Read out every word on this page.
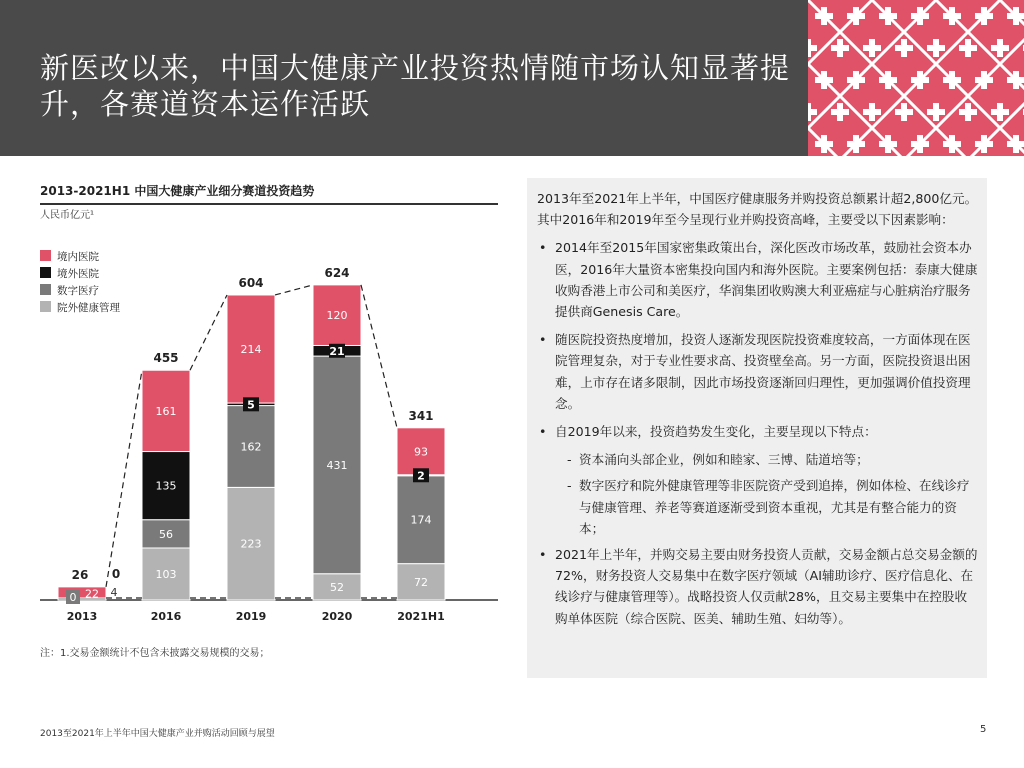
新医改以来，中国大健康产业投资热情随市场认知显著提升，各赛道资本运作活跃
2013-2021H1 中国大健康产业细分赛道投资趋势
人民币亿元¹
0	4
22
26
2013
103
56
135
161
455
2016
223
162
5
214
604
2019
52
431
21
120
624
2020
72
174
2
93
341
2021H1
0
境内医院
境外医院
数字医疗
院外健康管理
注：1.交易金额统计不包含未披露交易规模的交易；

2013年至2021年上半年，中国医疗健康服务并购投资总额累计超2,800亿元。其中2016年和2019年至今呈现行业并购投资高峰，主要受以下因素影响：

• 2014年至2015年国家密集政策出台，深化医改市场改革，鼓励社会资本办医，2016年大量资本密集投向国内和海外医院。主要案例包括：泰康大健康收购香港上市公司和美医疗，华润集团收购澳大利亚癌症与心脏病治疗服务提供商Genesis Care。
• 随医院投资热度增加，投资人逐渐发现医院投资难度较高，一方面体现在医院管理复杂，对于专业性要求高、投资壁垒高。另一方面，医院投资退出困难，上市存在诸多限制，因此市场投资逐渐回归理性，更加强调价值投资理念。
• 自2019年以来，投资趋势发生变化，主要呈现以下特点：
- 资本涌向头部企业，例如和睦家、三博、陆道培等；
- 数字医疗和院外健康管理等非医院资产受到追捧，例如体检、在线诊疗与健康管理、养老等赛道逐渐受到资本重视，尤其是有整合能力的资本；
• 2021年上半年，并购交易主要由财务投资人贡献，交易金额占总交易金额的72%，财务投资人交易集中在数字医疗领域（AI辅助诊疗、医疗信息化、在线诊疗与健康管理等）。战略投资人仅贡献28%，且交易主要集中在控股收购单体医院（综合医院、医美、辅助生殖、妇幼等）。
2013至2021年上半年中国大健康产业并购活动回顾与展望	5
